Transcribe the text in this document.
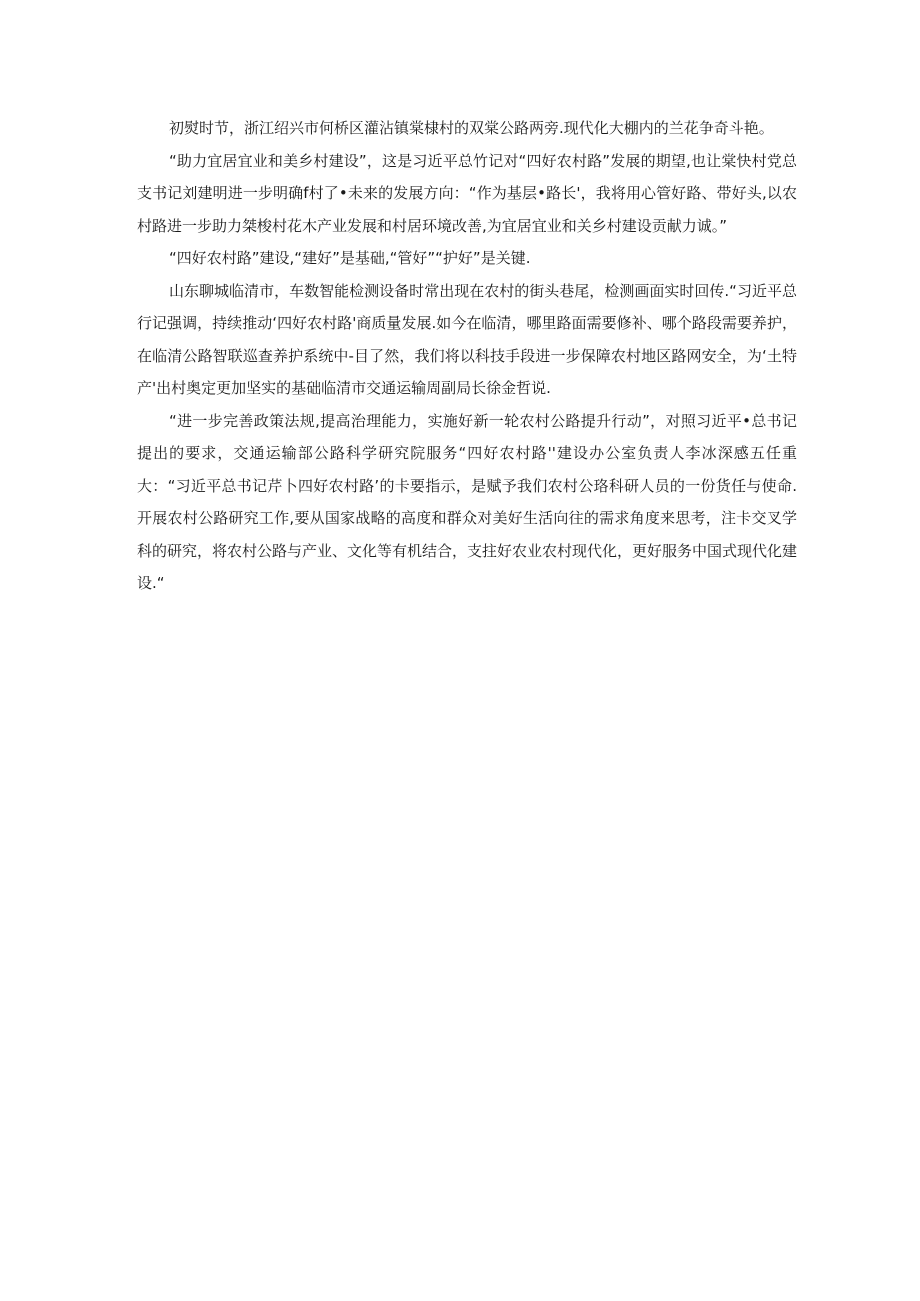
初熨时节，浙江绍兴市何桥区灌沾镇棠棣村的双棠公路两旁.现代化大棚内的兰花争奇斗艳。

“助力宜居宜业和美乡村建设”，这是习近平总竹记对“四好农村路”发展的期望,也让棠快村党总支书记刘建明进一步明确f村了•未来的发展方向：“作为基层•路长'，我将用心管好路、带好头,以农村路进一步助力桀梭村花木产业发展和村居环境改善,为宜居宜业和关乡村建设贡献力诚。”

“四好农村路”建设,“建好”是基础,“管好”“护好”是关键.

山东聊城临清市，车数智能检测设备时常出现在农村的街头巷尾，检测画面实时回传.“习近平总行记强调，持续推动‘四好农村路'商质量发展.如今在临清，哪里路面需要修补、哪个路段需要养护，在临清公路智联巡查养护系统中-目了然，我们将以科技手段进一步保障农村地区路网安全，为‘土特产'出村奥定更加坚实的基础临清市交通运输周副局长徐金哲说.

“进一步完善政策法规,提高治理能力，实施好新一轮农村公路提升行动”，对照习近平•总书记提出的要求，交通运输部公路科学研究院服务“四好农村路''建设办公室负责人李冰深感五任重大：“习近平总书记芹卜四好农村路’的卡要指示，是赋予我们农村公珞科研人员的一份货任与使命.开展农村公路研究工作,要从国家战略的高度和群众对美好生活向往的需求角度来思考，注卡交叉学科的研究，将农村公路与产业、文化等有机结合，支拄好农业农村现代化，更好服务中国式现代化建设.“
